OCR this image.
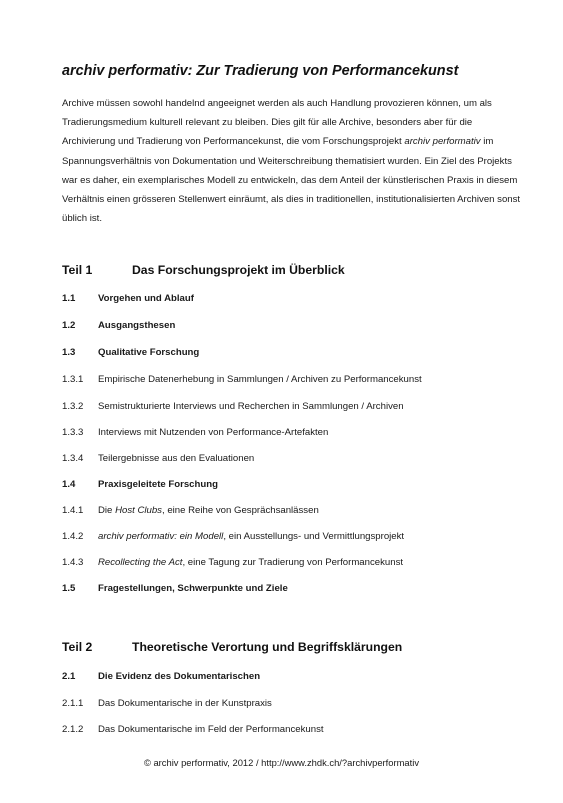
archiv performativ: Zur Tradierung von Performancekunst

Archive müssen sowohl handelnd angeeignet werden als auch Handlung provozieren können, um als Tradierungsmedium kulturell relevant zu bleiben. Dies gilt für alle Archive, besonders aber für die Archivierung und Tradierung von Performancekunst, die vom Forschungsprojekt archiv performativ im Spannungsverhältnis von Dokumentation und Weiterschreibung thematisiert wurden. Ein Ziel des Projekts war es daher, ein exemplarisches Modell zu entwickeln, das dem Anteil der künstlerischen Praxis in diesem Verhältnis einen grösseren Stellenwert einräumt, als dies in traditionellen, institutionalisierten Archiven sonst üblich ist.

Teil 1	Das Forschungsprojekt im Überblick
1.1 Vorgehen und Ablauf
1.2 Ausgangsthesen
1.3 Qualitative Forschung
1.3.1 Empirische Datenerhebung in Sammlungen / Archiven zu Performancekunst
1.3.2 Semistrukturierte Interviews und Recherchen in Sammlungen / Archiven
1.3.3 Interviews mit Nutzenden von Performance-Artefakten
1.3.4 Teilergebnisse aus den Evaluationen
1.4 Praxisgeleitete Forschung
1.4.1 Die Host Clubs, eine Reihe von Gesprächsanlässen
1.4.2 archiv performativ: ein Modell, ein Ausstellungs- und Vermittlungsprojekt
1.4.3 Recollecting the Act, eine Tagung zur Tradierung von Performancekunst
1.5 Fragestellungen, Schwerpunkte und Ziele
Teil 2	Theoretische Verortung und Begriffsklärungen
2.1 Die Evidenz des Dokumentarischen
2.1.1 Das Dokumentarische in der Kunstpraxis
2.1.2 Das Dokumentarische im Feld der Performancekunst
© archiv performativ, 2012 / http://www.zhdk.ch/?archivperformativ
